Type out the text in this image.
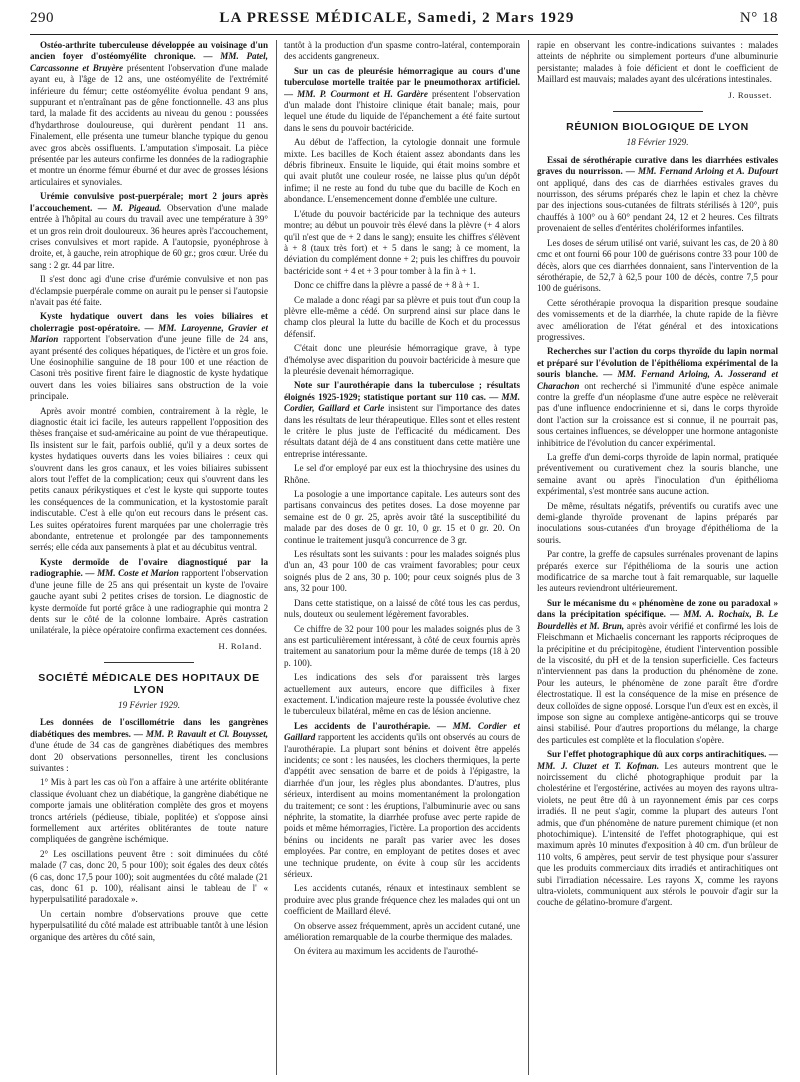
290	LA PRESSE MÉDICALE, Samedi, 2 Mars 1929	N° 18

Ostéo-arthrite tuberculeuse développée au voisinage d'un ancien foyer d'ostéomyélite chronique. — MM. Patel, Carcassonne et Bruyère présentent l'observation d'une malade ayant eu, à l'âge de 12 ans, une ostéomyélite de l'extrémité inférieure du fémur; cette ostéomyélite évolua pendant 9 ans, suppurant et n'entraînant pas de gêne fonctionnelle. 43 ans plus tard, la malade fit des accidents au niveau du genou : poussées d'hydarthrose douloureuse, qui durèrent pendant 11 ans. Finalement, elle présenta une tumeur blanche typique du genou avec gros abcès ossifluents. L'amputation s'imposait. La pièce présentée par les auteurs confirme les données de la radiographie et montre un énorme fémur éburné et dur avec de grosses lésions articulaires et synoviales.

Urémie convulsive post-puerpérale; mort 2 jours après l'accouchement. — M. Pigeaud. Observation d'une malade entrée à l'hôpital au cours du travail avec une température à 39° et un gros rein droit douloureux. 36 heures après l'accouchement, crises convulsives et mort rapide. A l'autopsie, pyonéphrose à droite, et, à gauche, rein atrophique de 60 gr.; gros cœur. Urée du sang : 2 gr. 44 par litre.

Il s'est donc agi d'une crise d'urémie convulsive et non pas d'éclampsie puerpérale comme on aurait pu le penser si l'autopsie n'avait pas été faite.

Kyste hydatique ouvert dans les voies biliaires et cholerragie post-opératoire. — MM. Laroyenne, Gravier et Marion rapportent l'observation d'une jeune fille de 24 ans, ayant présenté des coliques hépatiques, de l'ictère et un gros foie. Une éosinophilie sanguine de 18 pour 100 et une réaction de Casoni très positive firent faire le diagnostic de kyste hydatique ouvert dans les voies biliaires sans obstruction de la voie principale.

Après avoir montré combien, contrairement à la règle, le diagnostic était ici facile, les auteurs rappellent l'opposition des thèses française et sud-américaine au point de vue thérapeutique. Ils insistent sur le fait, parfois oublié, qu'il y a deux sortes de kystes hydatiques ouverts dans les voies biliaires : ceux qui s'ouvrent dans les gros canaux, et les voies biliaires subissent alors tout l'effet de la complication; ceux qui s'ouvrent dans les petits canaux périkystiques et c'est le kyste qui supporte toutes les conséquences de la communication, et la kystostomie paraît indiscutable. C'est à elle qu'on eut recours dans le présent cas. Les suites opératoires furent marquées par une cholerragie très abondante, entretenue et prolongée par des tamponnements serrés; elle céda aux pansements à plat et au décubitus ventral.

Kyste dermoïde de l'ovaire diagnostiqué par la radiographie. — MM. Coste et Marion rapportent l'observation d'une jeune fille de 25 ans qui présentait un kyste de l'ovaire gauche ayant subi 2 petites crises de torsion. Le diagnostic de kyste dermoïde fut porté grâce à une radiographie qui montra 2 dents sur le côté de la colonne lombaire. Après castration unilatérale, la pièce opératoire confirma exactement ces données.

H. Roland.

SOCIÉTÉ MÉDICALE DES HOPITAUX DE LYON

19 Février 1929.

Les données de l'oscillométrie dans les gangrènes diabétiques des membres. — MM. P. Ravault et Cl. Bouysset, d'une étude de 34 cas de gangrènes diabétiques des membres dont 20 observations personnelles, tirent les conclusions suivantes :

1° Mis à part les cas où l'on a affaire à une artérite oblitérante classique évoluant chez un diabétique, la gangrène diabétique ne comporte jamais une oblitération complète des gros et moyens troncs artériels (pédieuse, tibiale, poplitée) et s'oppose ainsi formellement aux artérites oblitérantes de toute nature compliquées de gangrène ischémique.

2° Les oscillations peuvent être : soit diminuées du côté malade (7 cas, donc 20, 5 pour 100); soit égales des deux côtés (6 cas, donc 17,5 pour 100); soit augmentées du côté malade (21 cas, donc 61 p. 100), réalisant ainsi le tableau de l' « hyperpulsatilité paradoxale ».

Un certain nombre d'observations prouve que cette hyperpulsatilité du côté malade est attribuable tantôt à une lésion organique des artères du côté sain,

tantôt à la production d'un spasme contro-latéral, contemporain des accidents gangreneux.

Sur un cas de pleurésie hémorragique au cours d'une tuberculose mortelle traitée par le pneumothorax artificiel. — MM. P. Courmont et H. Gardère présentent l'observation d'un malade dont l'histoire clinique était banale; mais, pour lequel une étude du liquide de l'épanchement a été faite surtout dans le sens du pouvoir bactéricide.

Au début de l'affection, la cytologie donnait une formule mixte. Les bacilles de Koch étaient assez abondants dans les débris fibrineux. Ensuite le liquide, qui était moins sombre et qui avait plutôt une couleur rosée, ne laisse plus qu'un dépôt infime; il ne reste au fond du tube que du bacille de Koch en abondance. L'ensemencement donne d'emblée une culture.

L'étude du pouvoir bactéricide par la technique des auteurs montre; au début un pouvoir très élevé dans la plèvre (+ 4 alors qu'il n'est que de + 2 dans le sang); ensuite les chiffres s'élèvent à + 8 (taux très fort) et + 5 dans le sang; à ce moment, la déviation du complément donne + 2; puis les chiffres du pouvoir bactéricide sont + 4 et + 3 pour tomber à la fin à + 1.

Donc ce chiffre dans la plèvre a passé de + 8 à + 1.

Ce malade a donc réagi par sa plèvre et puis tout d'un coup la plèvre elle-même a cédé. On surprend ainsi sur place dans le champ clos pleural la lutte du bacille de Koch et du processus défensif.

C'était donc une pleurésie hémorragique grave, à type d'hémolyse avec disparition du pouvoir bactéricide à mesure que la pleurésie devenait hémorragique.

Note sur l'aurothérapie dans la tuberculose ; résultats éloignés 1925-1929; statistique portant sur 110 cas. — MM. Cordier, Gaillard et Carle insistent sur l'importance des dates dans les résultats de leur thérapeutique. Elles sont et elles restent le critère le plus juste de l'efficacité du médicament. Des résultats datant déjà de 4 ans constituent dans cette matière une entreprise intéressante.

Le sel d'or employé par eux est la thiochrysine des usines du Rhône.

La posologie a une importance capitale. Les auteurs sont des partisans convaincus des petites doses. La dose moyenne par semaine est de 0 gr. 25, après avoir tâté la susceptibilité du malade par des doses de 0 gr. 10, 0 gr. 15 et 0 gr. 20. On continue le traitement jusqu'à concurrence de 3 gr.

Les résultats sont les suivants : pour les malades soignés plus d'un an, 43 pour 100 de cas vraiment favorables; pour ceux soignés plus de 2 ans, 30 p. 100; pour ceux soignés plus de 3 ans, 32 pour 100.

Dans cette statistique, on a laissé de côté tous les cas perdus, nuls, douteux ou seulement légèrement favorables.

Ce chiffre de 32 pour 100 pour les malades soignés plus de 3 ans est particulièrement intéressant, à côté de ceux fournis après traitement au sanatorium pour la même durée de temps (18 à 20 p. 100).

Les indications des sels d'or paraissent très larges actuellement aux auteurs, encore que difficiles à fixer exactement. L'indication majeure reste la poussée évolutive chez le tuberculeux bilatéral, même en cas de lésion ancienne.

Les accidents de l'aurothérapie. — MM. Cordier et Gaillard rapportent les accidents qu'ils ont observés au cours de l'aurothérapie. La plupart sont bénins et doivent être appelés incidents; ce sont : les nausées, les clochers thermiques, la perte d'appétit avec sensation de barre et de poids à l'épigastre, la diarrhée d'un jour, les règles plus abondantes. D'autres, plus sérieux, interdisent au moins momentanément la prolongation du traitement; ce sont : les éruptions, l'albuminurie avec ou sans néphrite, la stomatite, la diarrhée profuse avec perte rapide de poids et même hémorragies, l'ictère. La proportion des accidents bénins ou incidents ne paraît pas varier avec les doses employées. Par contre, en employant de petites doses et avec une technique prudente, on évite à coup sûr les accidents sérieux.

Les accidents cutanés, rénaux et intestinaux semblent se produire avec plus grande fréquence chez les malades qui ont un coefficient de Maillard élevé.

On observe assez fréquemment, après un accident cutané, une amélioration remarquable de la courbe thermique des malades.

On évitera au maximum les accidents de l'aurothé-

rapie en observant les contre-indications suivantes : malades atteints de néphrite ou simplement porteurs d'une albuminurie persistante; malades à foie déficient et dont le coefficient de Maillard est mauvais; malades ayant des ulcérations intestinales.

J. Rousset.

RÉUNION BIOLOGIQUE DE LYON

18 Février 1929.

Essai de sérothérapie curative dans les diarrhées estivales graves du nourrisson. — MM. Fernand Arloing et A. Dufourt ont appliqué, dans des cas de diarrhées estivales graves du nourrisson, des sérums préparés chez le lapin et chez la chèvre par des injections sous-cutanées de filtrats stérilisés à 120°, puis chauffés à 100° ou à 60° pendant 24, 12 et 2 heures. Ces filtrats provenaient de selles d'entérites cholériformes infantiles.

Les doses de sérum utilisé ont varié, suivant les cas, de 20 à 80 cmc et ont fourni 66 pour 100 de guérisons contre 33 pour 100 de décès, alors que ces diarrhées donnaient, sans l'intervention de la sérothérapie, de 52,7 à 62,5 pour 100 de décès, contre 7,5 pour 100 de guérisons.

Cette sérothérapie provoqua la disparition presque soudaine des vomissements et de la diarrhée, la chute rapide de la fièvre avec amélioration de l'état général et des intoxications progressives.

Recherches sur l'action du corps thyroïde du lapin normal et préparé sur l'évolution de l'épithélioma expérimental de la souris blanche. — MM. Fernand Arloing, A. Josserand et Charachon ont recherché si l'immunité d'une espèce animale contre la greffe d'un néoplasme d'une autre espèce ne relèverait pas d'une influence endocrinienne et si, dans le corps thyroïde dont l'action sur la croissance est si connue, il ne pourrait pas, sous certaines influences, se développer une hormone antagoniste inhibitrice de l'évolution du cancer expérimental.

La greffe d'un demi-corps thyroïde de lapin normal, pratiquée préventivement ou curativement chez la souris blanche, une semaine avant ou après l'inoculation d'un épithélioma expérimental, s'est montrée sans aucune action.

De même, résultats négatifs, préventifs ou curatifs avec une demi-glande thyroïde provenant de lapins préparés par inoculations sous-cutanées d'un broyage d'épithélioma de la souris.

Par contre, la greffe de capsules surrénales provenant de lapins préparés exerce sur l'épithélioma de la souris une action modificatrice de sa marche tout à fait remarquable, sur laquelle les auteurs reviendront ultérieurement.

Sur le mécanisme du « phénomène de zone ou paradoxal » dans la précipitation spécifique. — MM. A. Rochaix, B. Le Bourdellès et M. Brun, après avoir vérifié et confirmé les lois de Fleischmann et Michaelis concernant les rapports réciproques de la précipitine et du précipitogène, étudient l'intervention possible de la viscosité, du pH et de la tension superficielle. Ces facteurs n'interviennent pas dans la production du phénomène de zone. Pour les auteurs, le phénomène de zone paraît être d'ordre électrostatique. Il est la conséquence de la mise en présence de deux colloïdes de signe opposé. Lorsque l'un d'eux est en excès, il impose son signe au complexe antigène-anticorps qui se trouve ainsi stabilisé. Pour d'autres proportions du mélange, la charge des particules est complète et la floculation s'opère.

Sur l'effet photographique dû aux corps antirachitiques. — MM. J. Cluzet et T. Kofman. Les auteurs montrent que le noircissement du cliché photographique produit par la cholestérine et l'ergostérine, activées au moyen des rayons ultra-violets, ne peut être dû à un rayonnement émis par ces corps irradiés. Il ne peut s'agir, comme la plupart des auteurs l'ont admis, que d'un phénomène de nature purement chimique (et non photochimique). L'intensité de l'effet photographique, qui est maximum après 10 minutes d'exposition à 40 cm. d'un brûleur de 110 volts, 6 ampères, peut servir de test physique pour s'assurer que les produits commerciaux dits irradiés et antirachitiques ont subi l'irradiation nécessaire. Les rayons X, comme les rayons ultra-violets, communiquent aux stérols le pouvoir d'agir sur la couche de gélatino-bromure d'argent.
